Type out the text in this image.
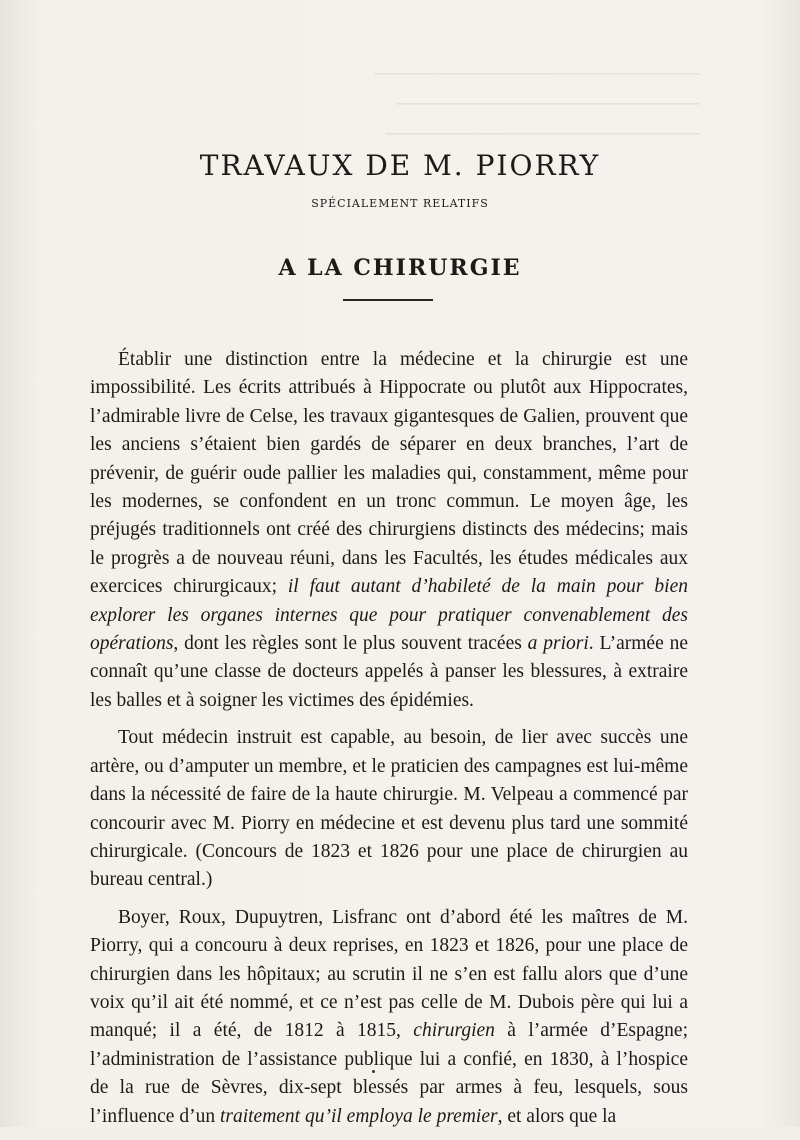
──────────────────────────────
────────────────────────────
─────────────────────────────
TRAVAUX DE M. PIORRY
SPÉCIALEMENT RELATIFS
A LA CHIRURGIE

Établir une distinction entre la médecine et la chirurgie est une impossibilité. Les écrits attribués à Hippocrate ou plutôt aux Hippocrates, l’admirable livre de Celse, les travaux gigantesques de Galien, prouvent que les anciens s’étaient bien gardés de séparer en deux branches, l’art de prévenir, de guérir oude pallier les maladies qui, constamment, même pour les modernes, se confondent en un tronc commun. Le moyen âge, les préjugés traditionnels ont créé des chirurgiens distincts des médecins; mais le progrès a de nouveau réuni, dans les Facultés, les études médicales aux exercices chirurgicaux; il faut autant d’habileté de la main pour bien explorer les organes internes que pour pratiquer convenablement des opérations, dont les règles sont le plus souvent tracées a priori. L’armée ne connaît qu’une classe de docteurs appelés à panser les blessures, à extraire les balles et à soigner les victimes des épidémies.

Tout médecin instruit est capable, au besoin, de lier avec succès une artère, ou d’amputer un membre, et le praticien des campagnes est lui-même dans la nécessité de faire de la haute chirurgie. M. Velpeau a commencé par concourir avec M. Piorry en médecine et est devenu plus tard une sommité chirurgicale. (Concours de 1823 et 1826 pour une place de chirurgien au bureau central.)

Boyer, Roux, Dupuytren, Lisfranc ont d’abord été les maîtres de M. Piorry, qui a concouru à deux reprises, en 1823 et 1826, pour une place de chirurgien dans les hôpitaux; au scrutin il ne s’en est fallu alors que d’une voix qu’il ait été nommé, et ce n’est pas celle de M. Dubois père qui lui a manqué; il a été, de 1812 à 1815, chirurgien à l’armée d’Espagne; l’administration de l’assistance publique lui a confié, en 1830, à l’hospice de la rue de Sèvres, dix-sept blessés par armes à feu, lesquels, sous l’influence d’un traitement qu’il employa le premier, et alors que la
